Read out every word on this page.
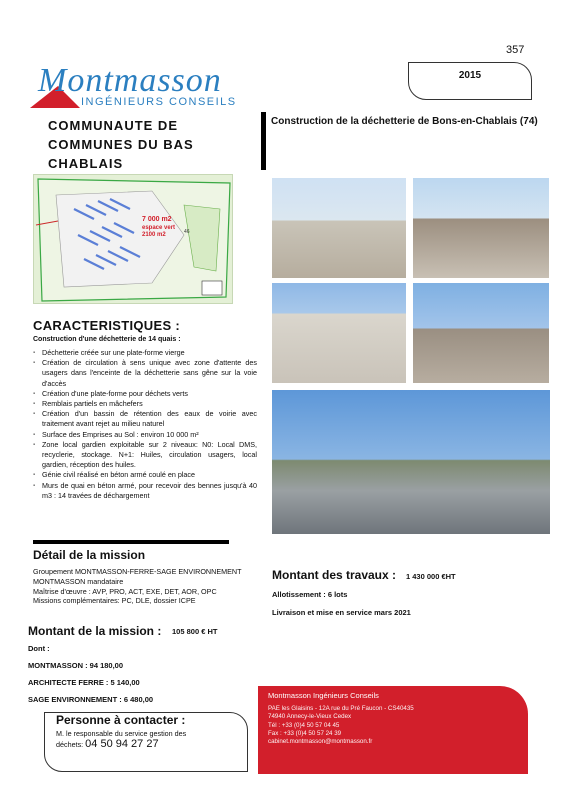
357
Montmasson
INGÉNIEURS CONSEILS
2015
COMMUNAUTE DE
COMMUNES DU BAS
CHABLAIS
Construction de la déchetterie de Bons-en-Chablais (74)
7 000 m2
espace vert
2100 m2	46
CARACTERISTIQUES :
Construction d'une déchetterie de 14 quais :
▪ Déchetterie créée sur une plate-forme vierge
▪ Création de circulation à sens unique avec zone d'attente des usagers dans l'enceinte de la déchetterie sans gêne sur la voie d'accès
▪ Création d'une plate-forme pour déchets verts
▪ Remblais partiels en mâchefers
▪ Création d'un bassin de rétention des eaux de voirie avec traitement avant rejet au milieu naturel
▪ Surface des Emprises au Sol : environ 10 000 m²
▪ Zone local gardien exploitable sur 2 niveaux: N0: Local DMS, recyclerie, stockage. N+1: Huiles, circulation usagers, local gardien, réception des huiles.
▪ Génie civil réalisé en béton armé coulé en place
▪ Murs de quai en béton armé, pour recevoir des bennes jusqu'à 40 m3 : 14 travées de déchargement
Détail de la mission
Groupement MONTMASSON-FERRE-SAGE ENVIRONNEMENT
MONTMASSON mandataire
Maîtrise d'œuvre : AVP, PRO, ACT, EXE, DET, AOR, OPC
Missions complémentaires: PC, DLE, dossier ICPE
Montant de la mission : 105 800 € HT
Dont :
MONTMASSON : 94 180,00
ARCHITECTE FERRE : 5 140,00
SAGE ENVIRONNEMENT : 6 480,00
Montant des travaux : 1 430 000 €HT
Allotissement : 6 lots
Livraison et mise en service mars 2021
Personne à contacter :
M. le responsable du service gestion des
déchets: 04 50 94 27 27
Montmasson Ingénieurs Conseils
PAE les Glaisins - 12A rue du Pré Faucon - CS40435
74940 Annecy-le-Vieux Cedex
Tél : +33 (0)4 50 57 04 45
Fax : +33 (0)4 50 57 24 39
cabinet.montmasson@montmasson.fr
